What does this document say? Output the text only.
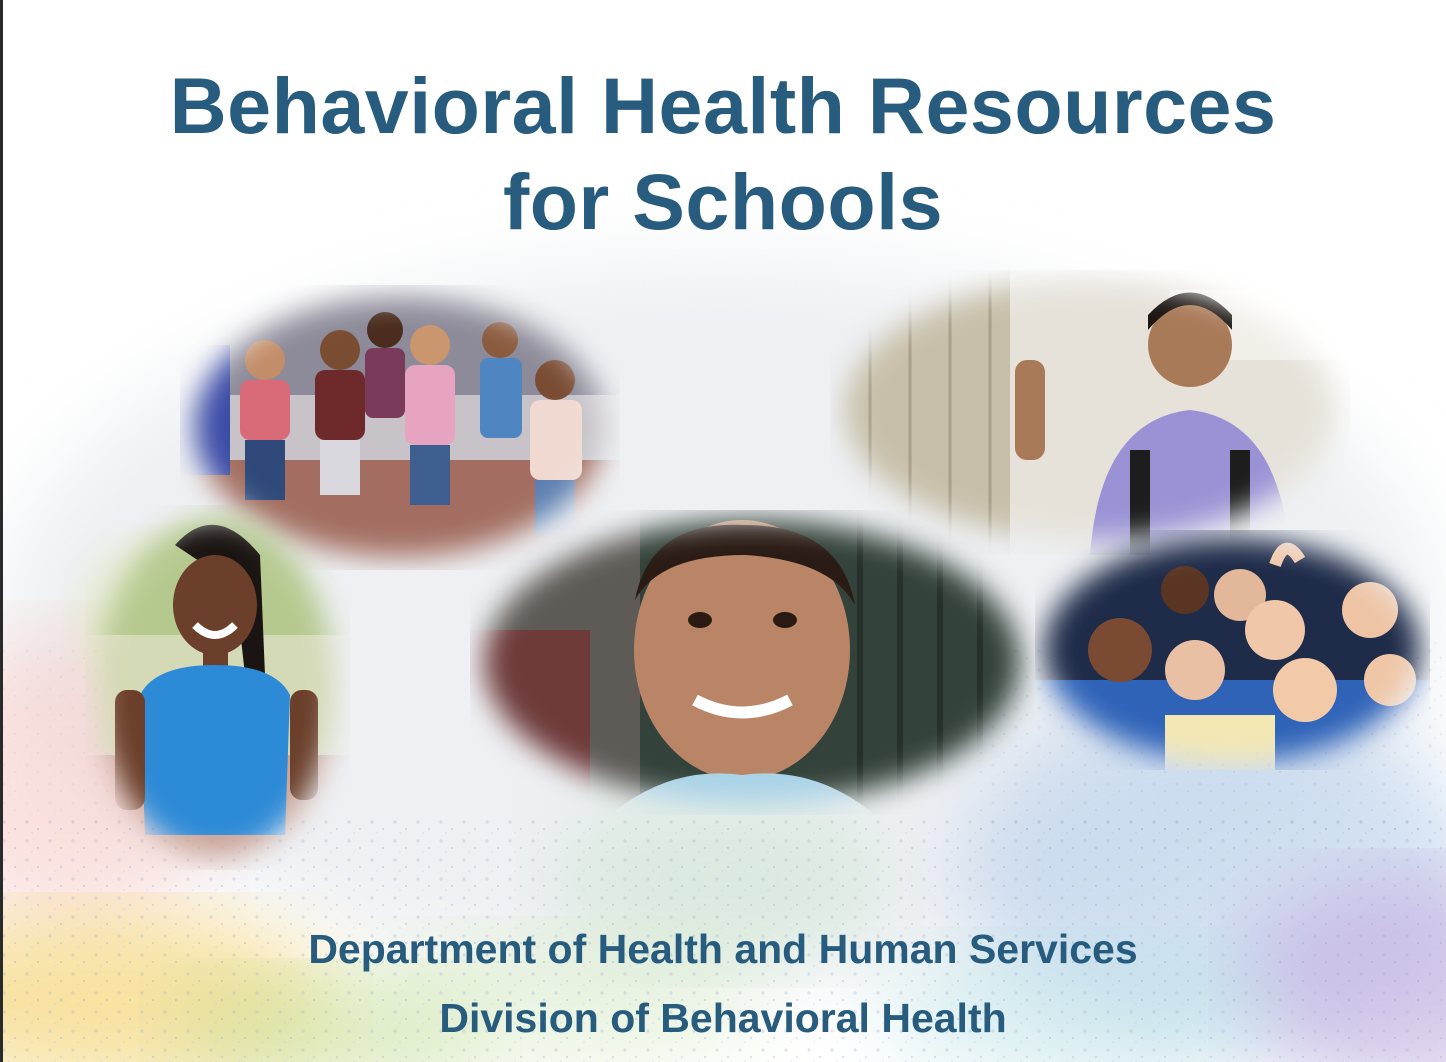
Behavioral Health Resources
for Schools
Department of Health and Human Services
Division of Behavioral Health
